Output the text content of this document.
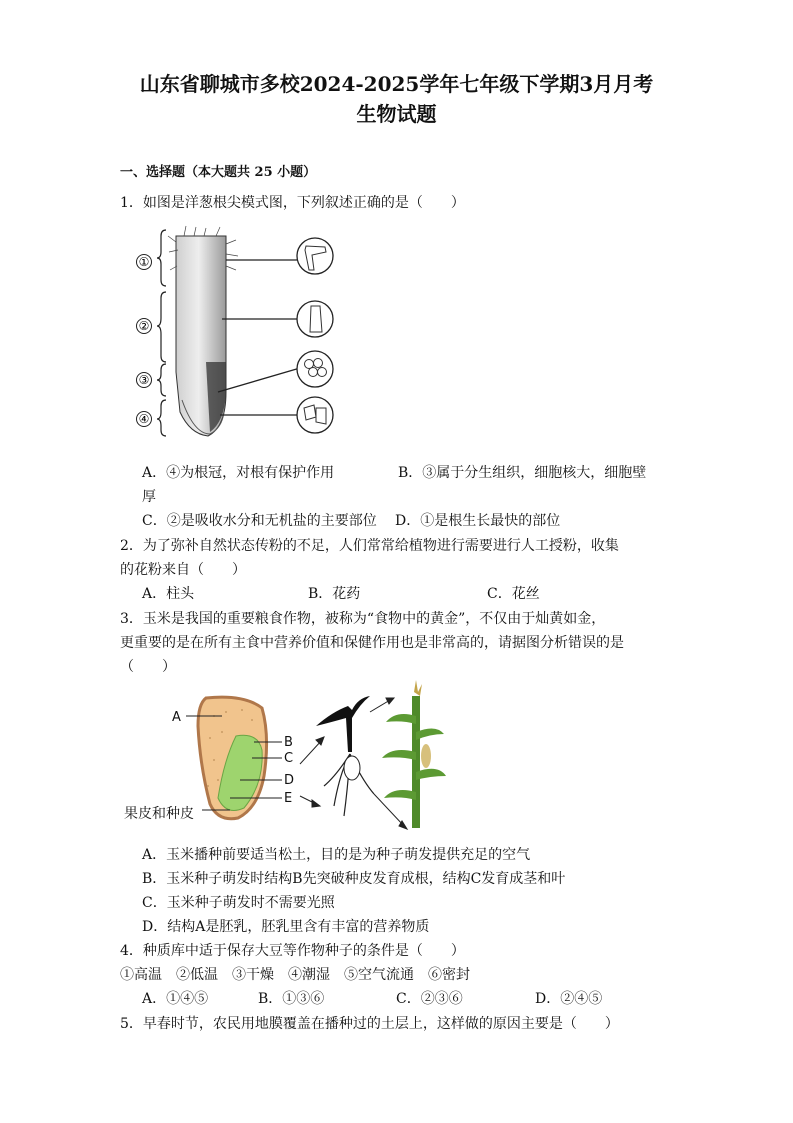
山东省聊城市多校2024-2025学年七年级下学期3月月考
生物试题
一、选择题（本大题共 25 小题）
1．如图是洋葱根尖模式图，下列叙述正确的是（　　）
①
②
③
④
A．④为根冠，对根有保护作用	B．③属于分生组织，细胞核大，细胞壁
厚
C．②是吸收水分和无机盐的主要部位 D．①是根生长最快的部位
2．为了弥补自然状态传粉的不足，人们常常给植物进行需要进行人工授粉，收集
的花粉来自（　　）
A．柱头	B．花药	C．花丝
3．玉米是我国的重要粮食作物，被称为“食物中的黄金”，不仅由于灿黄如金，
更重要的是在所有主食中营养价值和保健作用也是非常高的，请据图分析错误的是
（　　）
A
B
C
D
E
果皮和种皮
A．玉米播种前要适当松土，目的是为种子萌发提供充足的空气
B．玉米种子萌发时结构B先突破种皮发育成根，结构C发育成茎和叶
C．玉米种子萌发时不需要光照
D．结构A是胚乳，胚乳里含有丰富的营养物质
4．种质库中适于保存大豆等作物种子的条件是（　　）
①高温　②低温　③干燥　④潮湿　⑤空气流通　⑥密封
A．①④⑤	B．①③⑥	C．②③⑥	D．②④⑤
5．早春时节，农民用地膜覆盖在播种过的土层上，这样做的原因主要是（　　）
